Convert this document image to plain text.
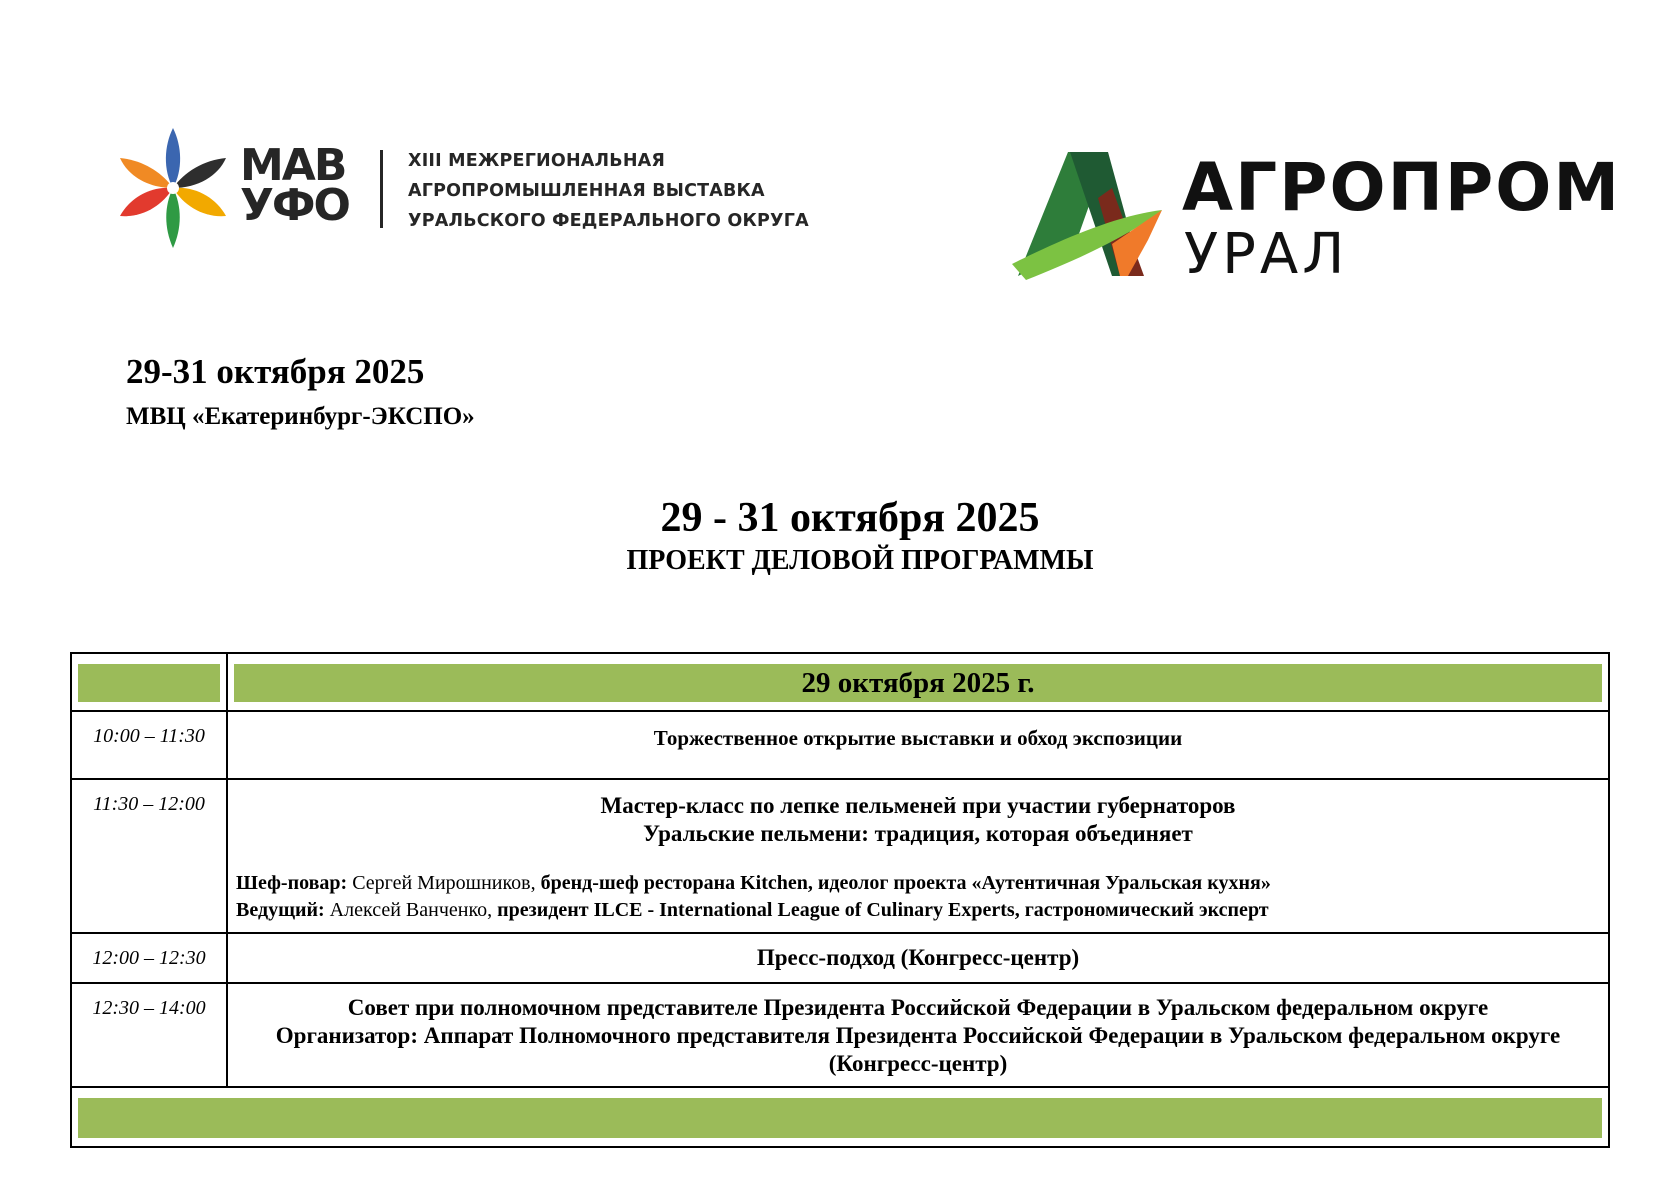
МАВ
УФО
XIII МЕЖРЕГИОНАЛЬНАЯ
АГРОПРОМЫШЛЕННАЯ ВЫСТАВКА
УРАЛЬСКОГО ФЕДЕРАЛЬНОГО ОКРУГА	АГРОПРОМ
УРАЛ
29-31 октября 2025
МВЦ «Екатеринбург-ЭКСПО»
29 - 31 октября 2025
ПРОЕКТ ДЕЛОВОЙ ПРОГРАММЫ

	29 октября 2025 г.

10:00 – 11:30	Торжественное открытие выставки и обход экспозиции

11:30 – 12:00	Мастер-класс по лепке пельменей при участии губернаторов
Уральские пельмени: традиция, которая объединяет
Шеф-повар: Сергей Мирошников, бренд-шеф ресторана Kitchen, идеолог проекта «Аутентичная Уральская кухня»
Ведущий: Алексей Ванченко, президент ILCE - International League of Culinary Experts, гастрономический эксперт

12:00 – 12:30	Пресс-подход (Конгресс-центр)

12:30 – 14:00	Совет при полномочном представителе Президента Российской Федерации в Уральском федеральном округе
Организатор: Аппарат Полномочного представителя Президента Российской Федерации в Уральском федеральном округе
(Конгресс-центр)
